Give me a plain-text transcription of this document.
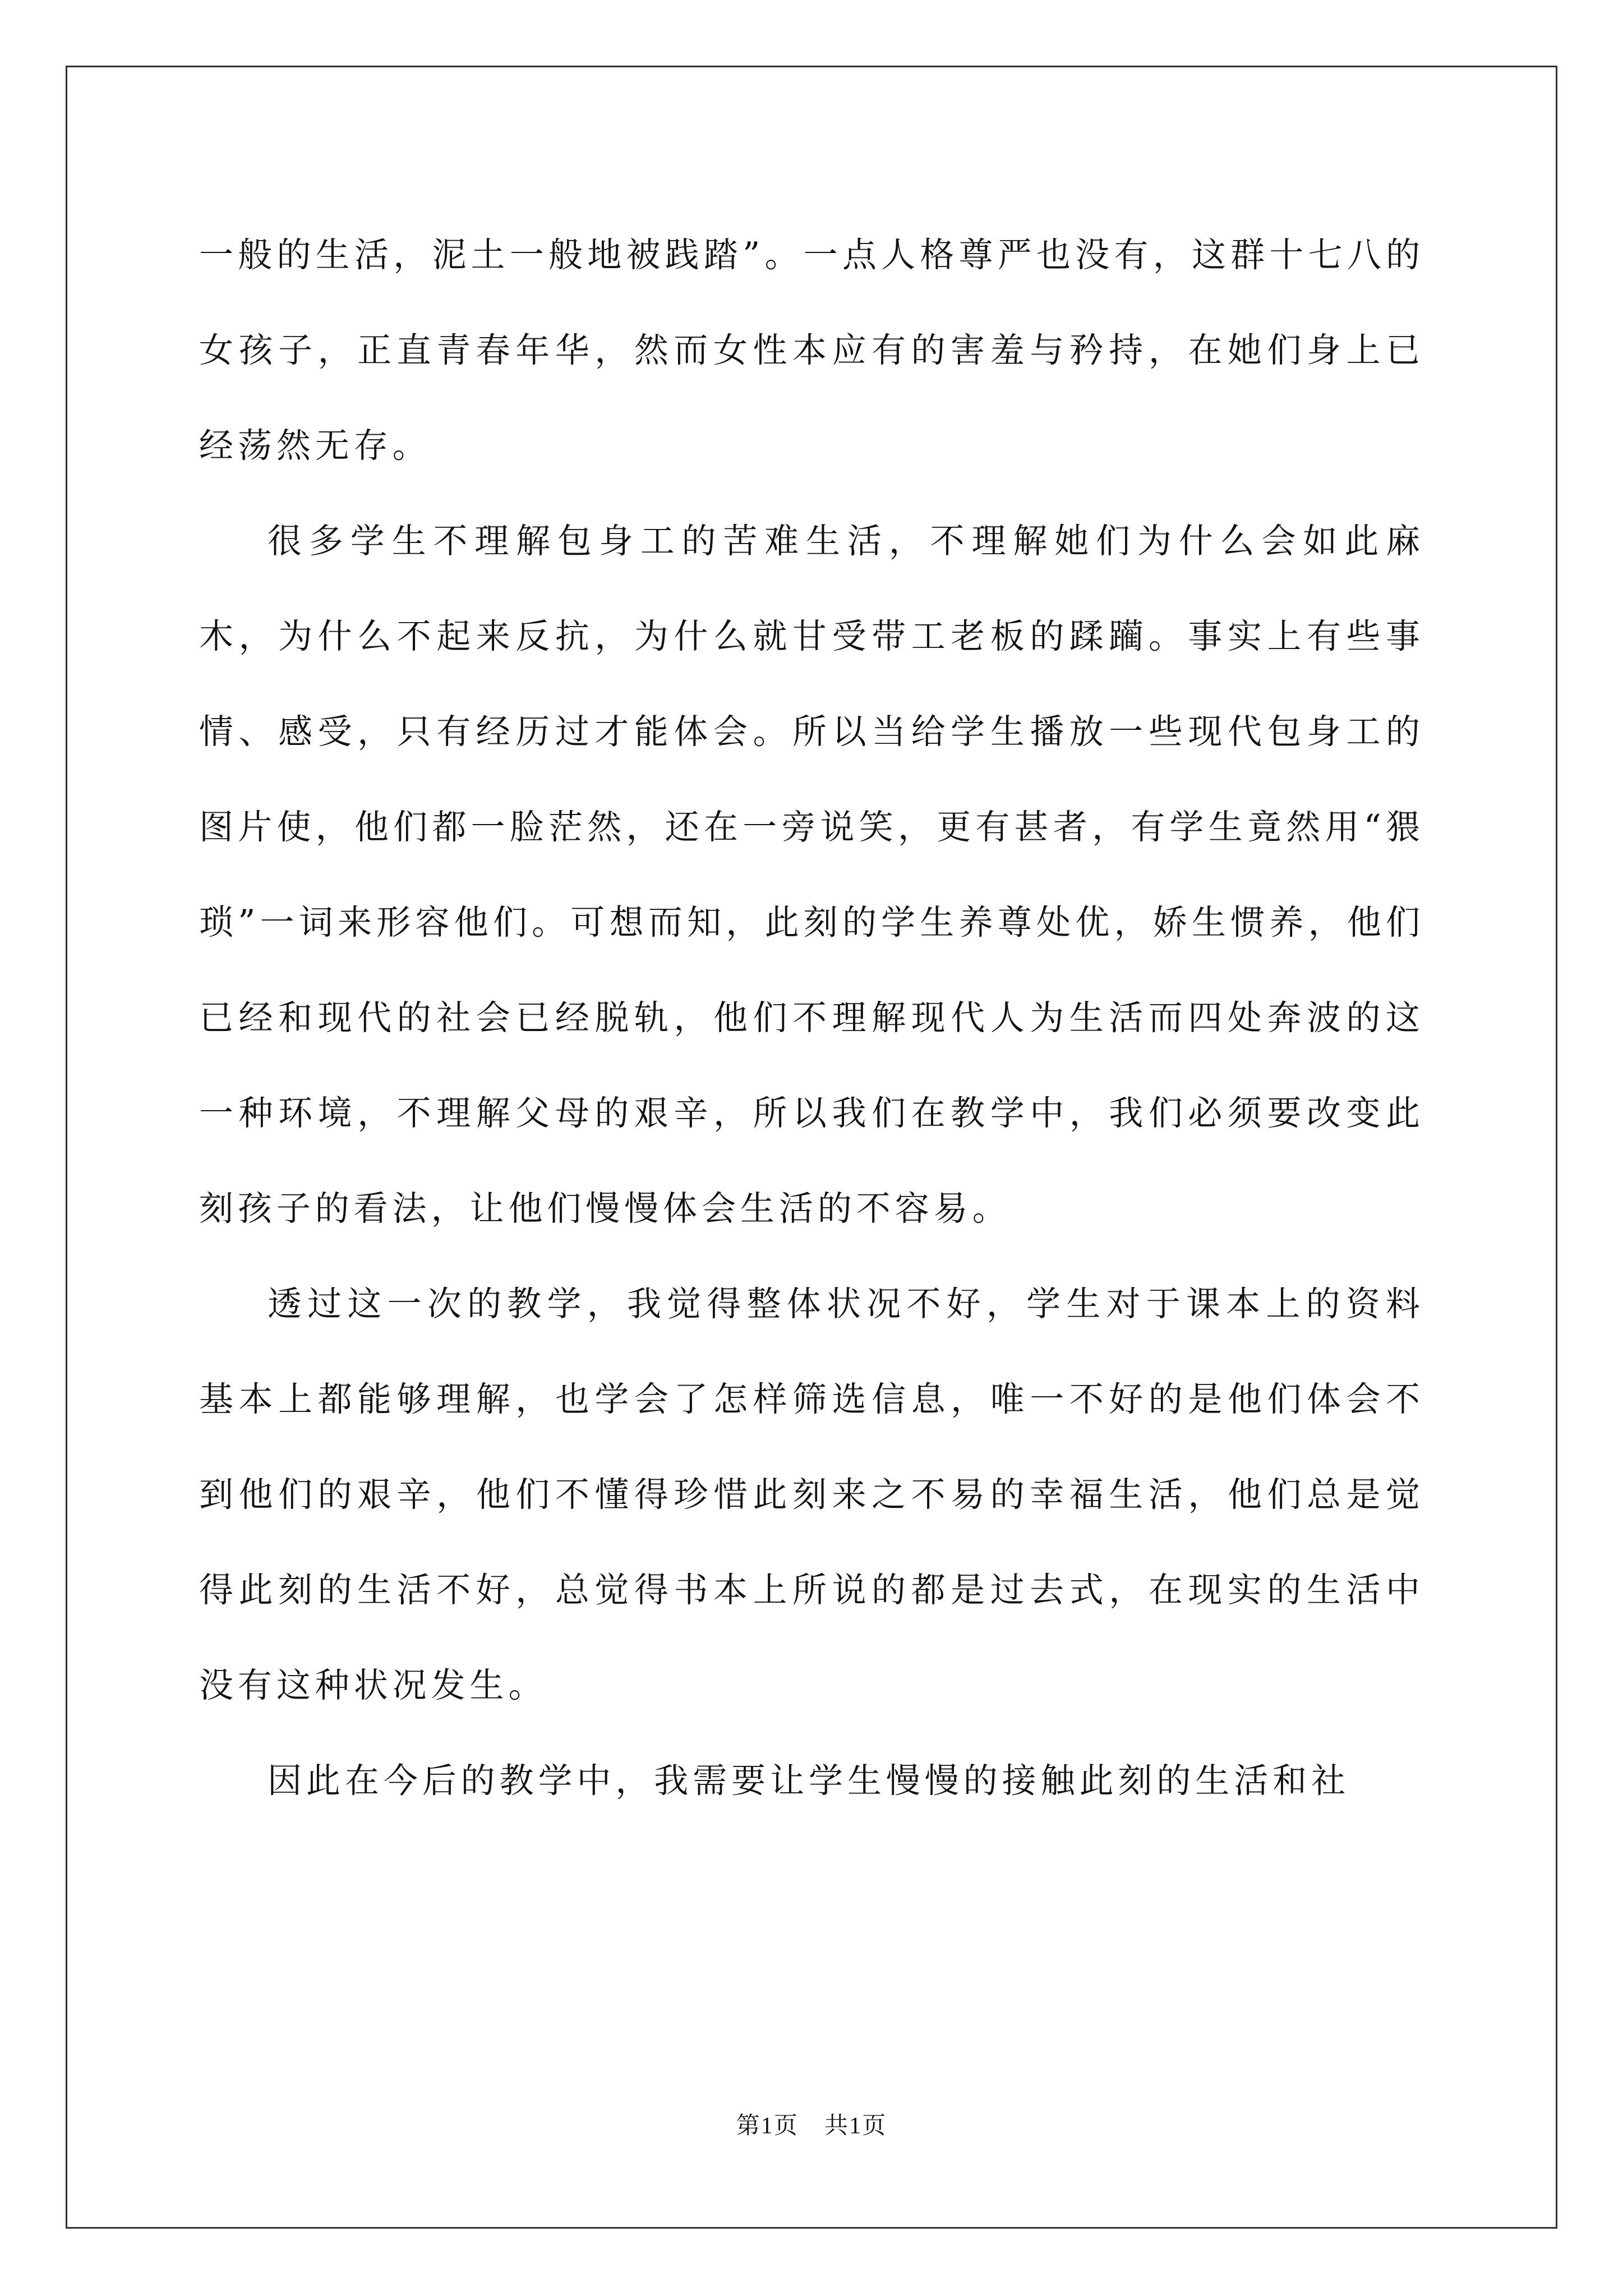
一般的生活，泥土一般地被践踏”。一点人格尊严也没有，这群十七八的女孩子，正直青春年华，然而女性本应有的害羞与矜持，在她们身上已经荡然无存。

很多学生不理解包身工的苦难生活，不理解她们为什么会如此麻木，为什么不起来反抗，为什么就甘受带工老板的蹂躏。事实上有些事情、感受，只有经历过才能体会。所以当给学生播放一些现代包身工的图片使，他们都一脸茫然，还在一旁说笑，更有甚者，有学生竟然用“猥琐”一词来形容他们。可想而知，此刻的学生养尊处优，娇生惯养，他们已经和现代的社会已经脱轨，他们不理解现代人为生活而四处奔波的这一种环境，不理解父母的艰辛，所以我们在教学中，我们必须要改变此刻孩子的看法，让他们慢慢体会生活的不容易。

透过这一次的教学，我觉得整体状况不好，学生对于课本上的资料基本上都能够理解，也学会了怎样筛选信息，唯一不好的是他们体会不到他们的艰辛，他们不懂得珍惜此刻来之不易的幸福生活，他们总是觉得此刻的生活不好，总觉得书本上所说的都是过去式，在现实的生活中没有这种状况发生。

因此在今后的教学中，我需要让学生慢慢的接触此刻的生活和社

第1页 共1页
